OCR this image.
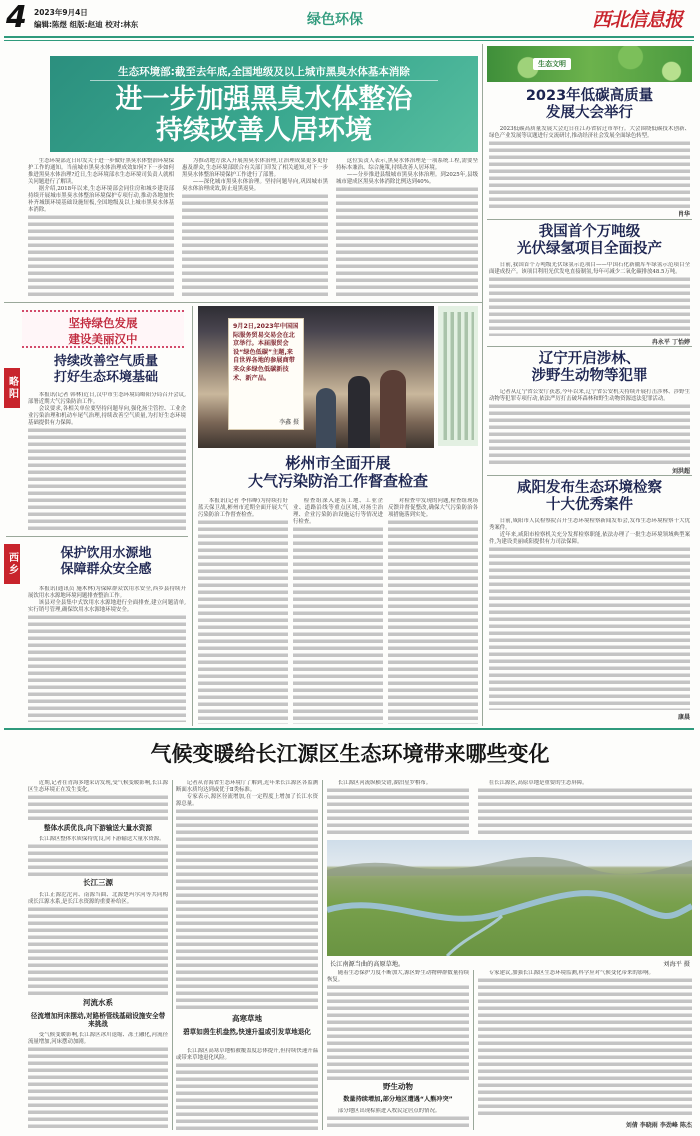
4 2023年9月4日
编辑:陈煜 组版:赵迪 校对:林东	绿色环保	西北信息报
生态环境部:截至去年底,全国地级及以上城市黑臭水体基本消除
进一步加强黑臭水体整治
持续改善人居环境

生态环境部近日印发关于进一步做好黑臭水体整治环境保护工作的通知。当前城市黑臭水体治理成效如何?下一步如何推进黑臭水体治理?近日,生态环境部水生态环境司负责人就相关问题进行了解读。

据介绍,2018年以来,生态环境部会同住房和城乡建设部持续开展城市黑臭水体整治环境保护专项行动,推动各地加快补齐城镇环境基础设施短板,全国地级及以上城市黑臭水体基本消除。

为推动地方深入开展黑臭水体治理,让治理成果更多更好惠及群众,生态环境部联合有关部门印发了相关通知,对下一步黑臭水体整治环境保护工作进行了部署。

——深化城市黑臭水体治理。坚持问题导向,巩固城市黑臭水体治理成效,防止返黑返臭。

这位负责人表示,黑臭水体治理是一项系统工程,需要坚持标本兼治、综合施策,持续改善人居环境。

——分步推进县级城市黑臭水体治理。到2025年,县级城市建成区黑臭水体消除比例达到40%。

坚持绿色发展
建设美丽汉中
略阳
持续改善空气质量
打好生态环境基础

本报讯(记者 韩林)近日,汉中市生态环境局略阳分局召开会议,部署近期大气污染防治工作。

会议要求,各相关单位要坚持问题导向,强化扬尘管控、工业企业污染治理和机动车尾气治理,持续改善空气质量,为打好生态环境基础提供有力保障。

西乡	保护饮用水源地
保障群众安全感

本报讯(通讯员 施木林)为保障群众饮用水安全,西乡县持续开展饮用水水源地环境问题排查整治工作。

该县对全县集中式饮用水水源地进行全面排查,建立问题清单,实行销号管理,确保饮用水水源地环境安全。

9月2日,2023年中国国际服务贸易交易会在北京举行。本届服贸会设“绿色低碳”主题,来自世界各地的参展商带来众多绿色低碳新技术、新产品。
李鑫 摄
彬州市全面开展
大气污染防治工作督查检查

本报讯(记者 李伟峰)为持续打好蓝天保卫战,彬州市近期全面开展大气污染防治工作督查检查。

检查组深入建筑工地、工业企业、道路沿线等重点区域,对扬尘治理、企业污染防治设施运行等情况进行检查。

对检查中发现的问题,检查组现场反馈并督促整改,确保大气污染防治各项措施落到实处。

生态文明
2023年低碳高质量
发展大会举行

2023低碳高质量发展大会近日在江苏省宿迁市举行。大会围绕低碳技术创新、绿色产业发展等议题进行交流研讨,推动经济社会发展全面绿色转型。

肖华
我国首个万吨级
光伏绿氢项目全面投产

日前,我国首个万吨级光伏绿氢示范项目——中国石化新疆库车绿氢示范项目全面建成投产。该项目利用光伏发电直接制氢,每年可减少二氧化碳排放48.5万吨。

冉永平 丁怡婷
辽宁开启涉林、
涉野生动物等犯罪

记者从辽宁省公安厅获悉,今年以来,辽宁省公安机关持续开展打击涉林、涉野生动物等犯罪专项行动,依法严厉打击破坏森林和野生动物资源违法犯罪活动。

刘洪超
咸阳发布生态环境检察
十大优秀案件

日前,咸阳市人民检察院召开生态环境检察新闻发布会,发布生态环境检察十大优秀案件。

近年来,咸阳市检察机关充分发挥检察职能,依法办理了一批生态环境领域典型案件,为建设美丽咸阳提供有力司法保障。

康晨
气候变暖给长江源区生态环境带来哪些变化

近期,记者在青海多地采访发现,受气候变暖影响,长江源区生态环境正在发生变化。

整体水质优良,向下游输送大量水资源

长江源区整体水质保持优良,向下游输送大量水资源。

长江三源

长江正源沱沱河、南源当曲、北源楚玛尔河等共同构成长江源水系,是长江水资源的重要补给区。

河流水系
径流增加河床摆动,对路桥管线基础设施安全带来挑战

受气候变暖影响,长江源区冰川退缩、冻土融化,河流径流量增加,河床摆动加剧。

记者从青海省生态环境厅了解到,近年来长江源区各监测断面水质均达到或优于Ⅱ类标准。

专家表示,源区径流增加,在一定程度上增加了长江水资源总量。

高寒草地
碧草如茵生机盎然,快速升温或引发草地退化

长江源区高寒草地植被覆盖度总体提升,但持续快速升温或带来草地退化风险。

长江源区河流纵横交错,湖泊星罗棋布。	在长江源区,高原草地是重要的生态屏障。

长江南源当曲的高原草地。	刘海平 摄

随着生态保护力度不断加大,源区野生动物种群数量持续恢复。

野生动物
数量持续增加,部分地区遭遇“人熊冲突”

部分地区出现棕熊进入牧民定居点的情况。

专家建议,加强长江源区生态环境监测,科学应对气候变化带来的影响。

刘倩 李晓雨 李劲峰 陈杰
